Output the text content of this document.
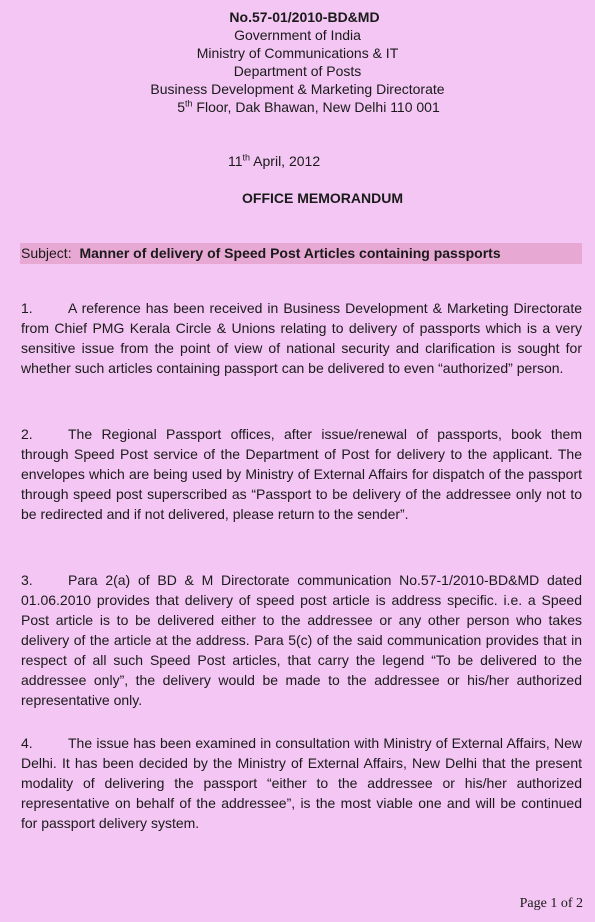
No.57-01/2010-BD&MD
Government of India
Ministry of Communications & IT
Department of Posts
Business Development & Marketing Directorate
5th Floor, Dak Bhawan, New Delhi 110 001
11th April, 2012
OFFICE MEMORANDUM
Subject: Manner of delivery of Speed Post Articles containing passports
1.	A reference has been received in Business Development & Marketing Directorate from Chief PMG Kerala Circle & Unions relating to delivery of passports which is a very sensitive issue from the point of view of national security and clarification is sought for whether such articles containing passport can be delivered to even “authorized” person.
2.	The Regional Passport offices, after issue/renewal of passports, book them through Speed Post service of the Department of Post for delivery to the applicant. The envelopes which are being used by Ministry of External Affairs for dispatch of the passport through speed post superscribed as “Passport to be delivery of the addressee only not to be redirected and if not delivered, please return to the sender”.
3.	Para 2(a) of BD & M Directorate communication No.57-1/2010-BD&MD dated 01.06.2010 provides that delivery of speed post article is address specific. i.e. a Speed Post article is to be delivered either to the addressee or any other person who takes delivery of the article at the address. Para 5(c) of the said communication provides that in respect of all such Speed Post articles, that carry the legend “To be delivered to the addressee only”, the delivery would be made to the addressee or his/her authorized representative only.
4.	The issue has been examined in consultation with Ministry of External Affairs, New Delhi. It has been decided by the Ministry of External Affairs, New Delhi that the present modality of delivering the passport “either to the addressee or his/her authorized representative on behalf of the addressee”, is the most viable one and will be continued for passport delivery system.
Page 1 of 2
